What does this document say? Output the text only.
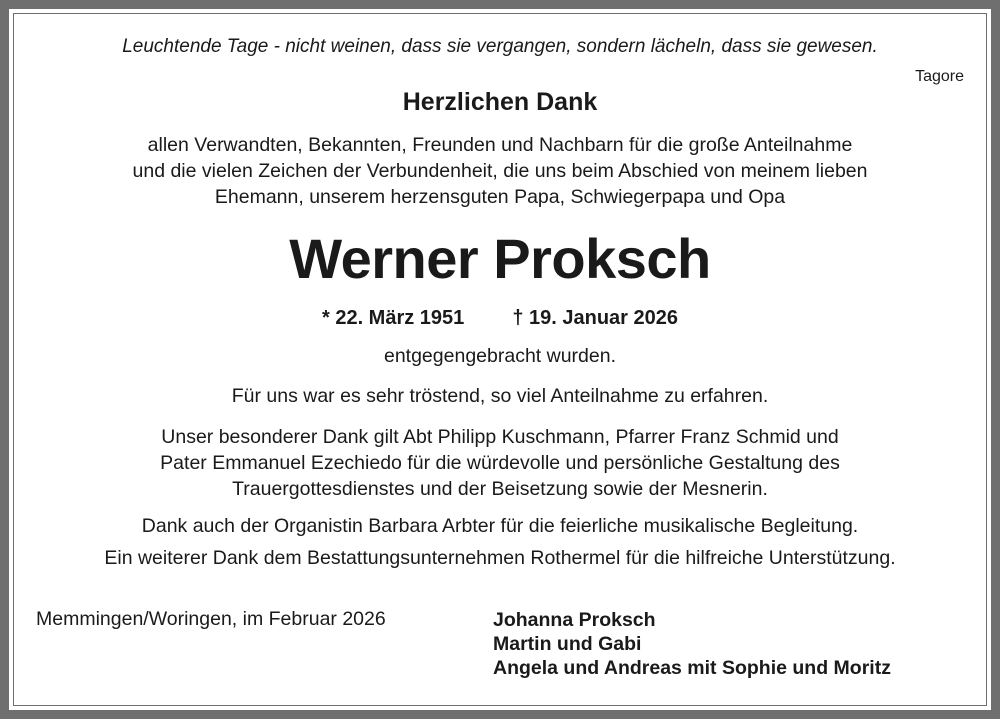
Leuchtende Tage - nicht weinen, dass sie vergangen, sondern lächeln, dass sie gewesen.
Tagore
Herzlichen Dank
allen Verwandten, Bekannten, Freunden und Nachbarn für die große Anteilnahme
und die vielen Zeichen der Verbundenheit, die uns beim Abschied von meinem lieben
Ehemann, unserem herzensguten Papa, Schwiegerpapa und Opa
Werner Proksch
* 22. März 1951 † 19. Januar 2026
entgegengebracht wurden.
Für uns war es sehr tröstend, so viel Anteilnahme zu erfahren.
Unser besonderer Dank gilt Abt Philipp Kuschmann, Pfarrer Franz Schmid und
Pater Emmanuel Ezechiedo für die würdevolle und persönliche Gestaltung des
Trauergottesdienstes und der Beisetzung sowie der Mesnerin.
Dank auch der Organistin Barbara Arbter für die feierliche musikalische Begleitung.
Ein weiterer Dank dem Bestattungsunternehmen Rothermel für die hilfreiche Unterstützung.
Memmingen/Woringen, im Februar 2026	Johanna Proksch
Martin und Gabi
Angela und Andreas mit Sophie und Moritz
